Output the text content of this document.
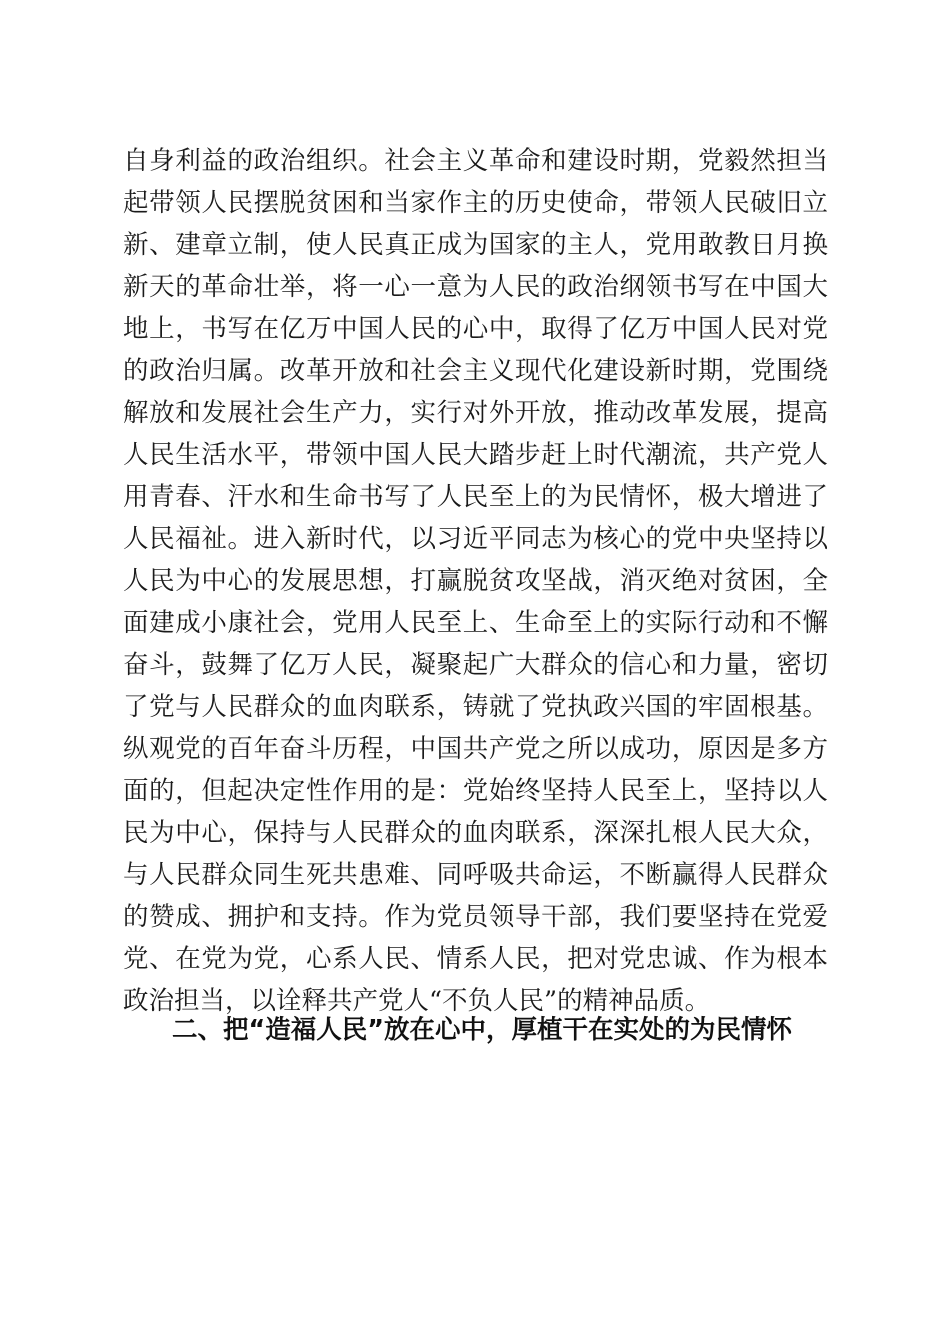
自身利益的政治组织。社会主义革命和建设时期，党毅然担当
起带领人民摆脱贫困和当家作主的历史使命，带领人民破旧立
新、建章立制，使人民真正成为国家的主人，党用敢教日月换
新天的革命壮举，将一心一意为人民的政治纲领书写在中国大
地上，书写在亿万中国人民的心中，取得了亿万中国人民对党
的政治归属。改革开放和社会主义现代化建设新时期，党围绕
解放和发展社会生产力，实行对外开放，推动改革发展，提高
人民生活水平，带领中国人民大踏步赶上时代潮流，共产党人
用青春、汗水和生命书写了人民至上的为民情怀，极大增进了
人民福祉。进入新时代，以习近平同志为核心的党中央坚持以
人民为中心的发展思想，打赢脱贫攻坚战，消灭绝对贫困，全
面建成小康社会，党用人民至上、生命至上的实际行动和不懈
奋斗，鼓舞了亿万人民，凝聚起广大群众的信心和力量，密切
了党与人民群众的血肉联系，铸就了党执政兴国的牢固根基。
纵观党的百年奋斗历程，中国共产党之所以成功，原因是多方
面的，但起决定性作用的是：党始终坚持人民至上，坚持以人
民为中心，保持与人民群众的血肉联系，深深扎根人民大众，
与人民群众同生死共患难、同呼吸共命运，不断赢得人民群众
的赞成、拥护和支持。作为党员领导干部，我们要坚持在党爱
党、在党为党，心系人民、情系人民，把对党忠诚、作为根本
政治担当，以诠释共产党人“不负人民”的精神品质。
二、把“造福人民”放在心中，厚植干在实处的为民情怀
